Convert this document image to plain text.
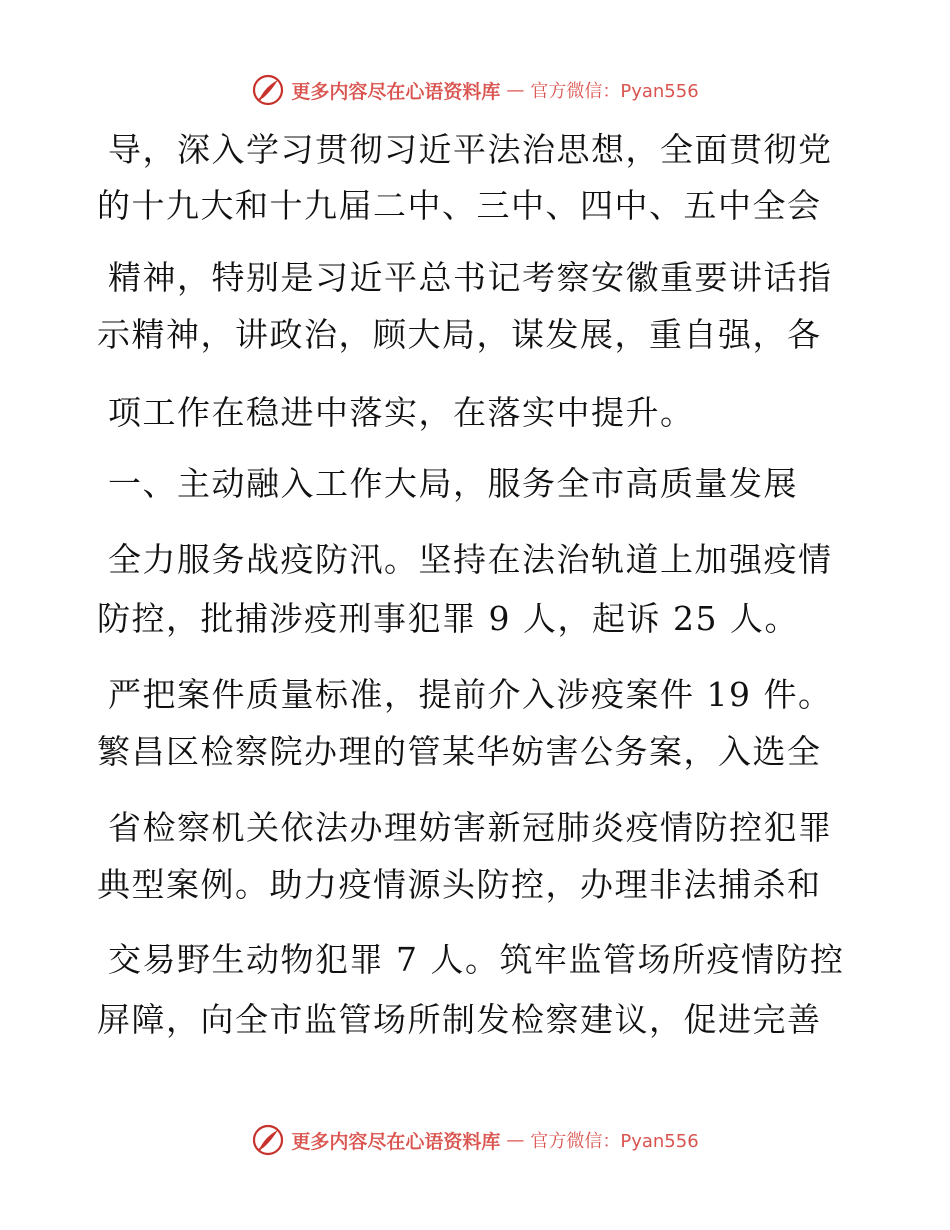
更多内容尽在心语资料库 — 官方微信：Pyan556
导，深入学习贯彻习近平法治思想，全面贯彻党
的十九大和十九届二中、三中、四中、五中全会
精神，特别是习近平总书记考察安徽重要讲话指
示精神，讲政治，顾大局，谋发展，重自强，各
项工作在稳进中落实，在落实中提升。
一、主动融入工作大局，服务全市高质量发展
全力服务战疫防汛。坚持在法治轨道上加强疫情
防控，批捕涉疫刑事犯罪 9 人，起诉 25 人。
严把案件质量标准，提前介入涉疫案件 19 件。
繁昌区检察院办理的管某华妨害公务案，入选全
省检察机关依法办理妨害新冠肺炎疫情防控犯罪
典型案例。助力疫情源头防控，办理非法捕杀和
交易野生动物犯罪 7 人。筑牢监管场所疫情防控
屏障，向全市监管场所制发检察建议，促进完善
更多内容尽在心语资料库 — 官方微信：Pyan556
